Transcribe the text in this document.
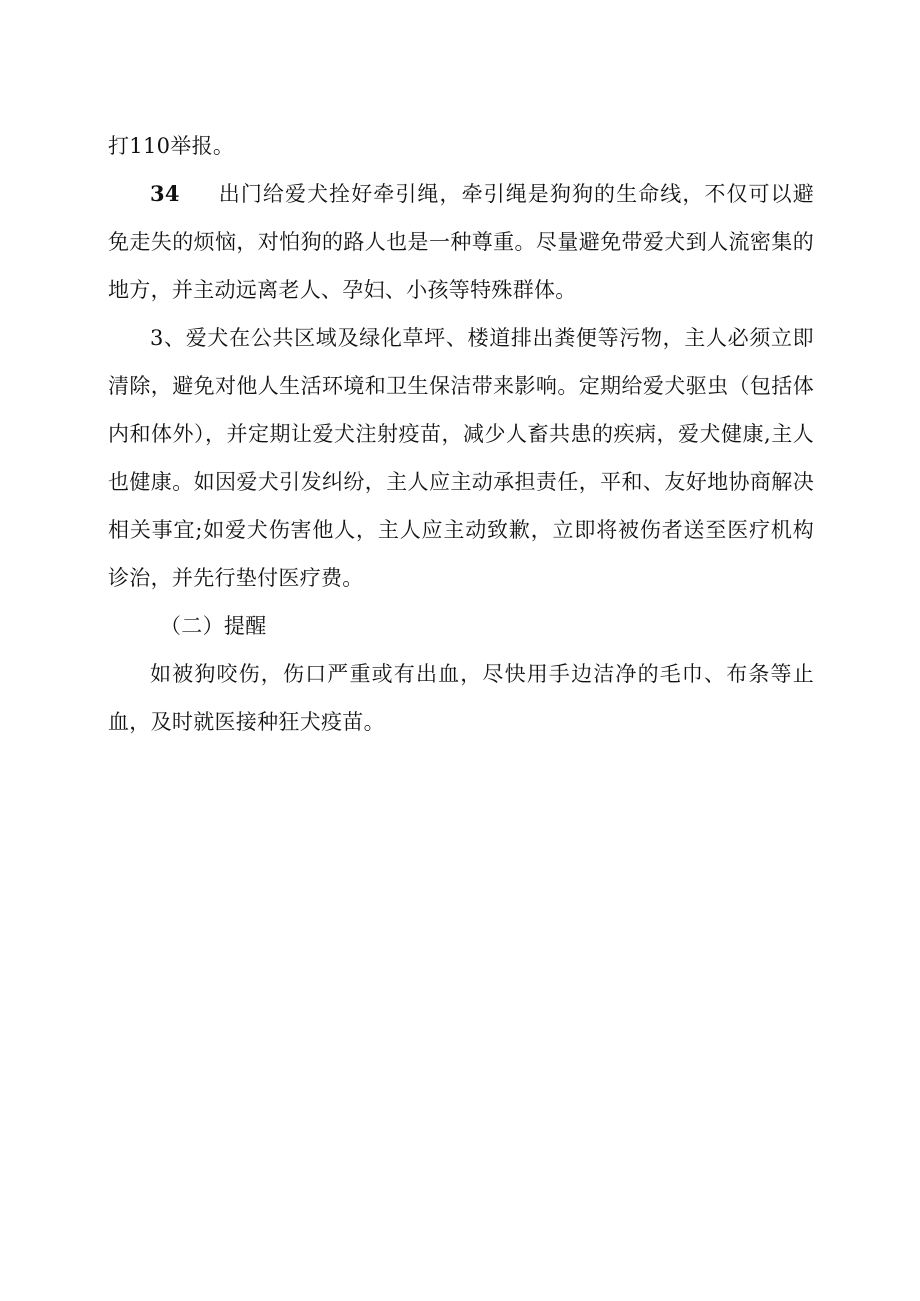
打110举报。

34 出门给爱犬拴好牵引绳，牵引绳是狗狗的生命线，不仅可以避免走失的烦恼，对怕狗的路人也是一种尊重。尽量避免带爱犬到人流密集的地方，并主动远离老人、孕妇、小孩等特殊群体。

3、爱犬在公共区域及绿化草坪、楼道排出粪便等污物，主人必须立即清除，避免对他人生活环境和卫生保洁带来影响。定期给爱犬驱虫（包括体内和体外），并定期让爱犬注射疫苗，减少人畜共患的疾病，爱犬健康,主人也健康。如因爱犬引发纠纷，主人应主动承担责任，平和、友好地协商解决相关事宜;如爱犬伤害他人，主人应主动致歉，立即将被伤者送至医疗机构诊治，并先行垫付医疗费。

（二）提醒

如被狗咬伤，伤口严重或有出血，尽快用手边洁净的毛巾、布条等止血，及时就医接种狂犬疫苗。
